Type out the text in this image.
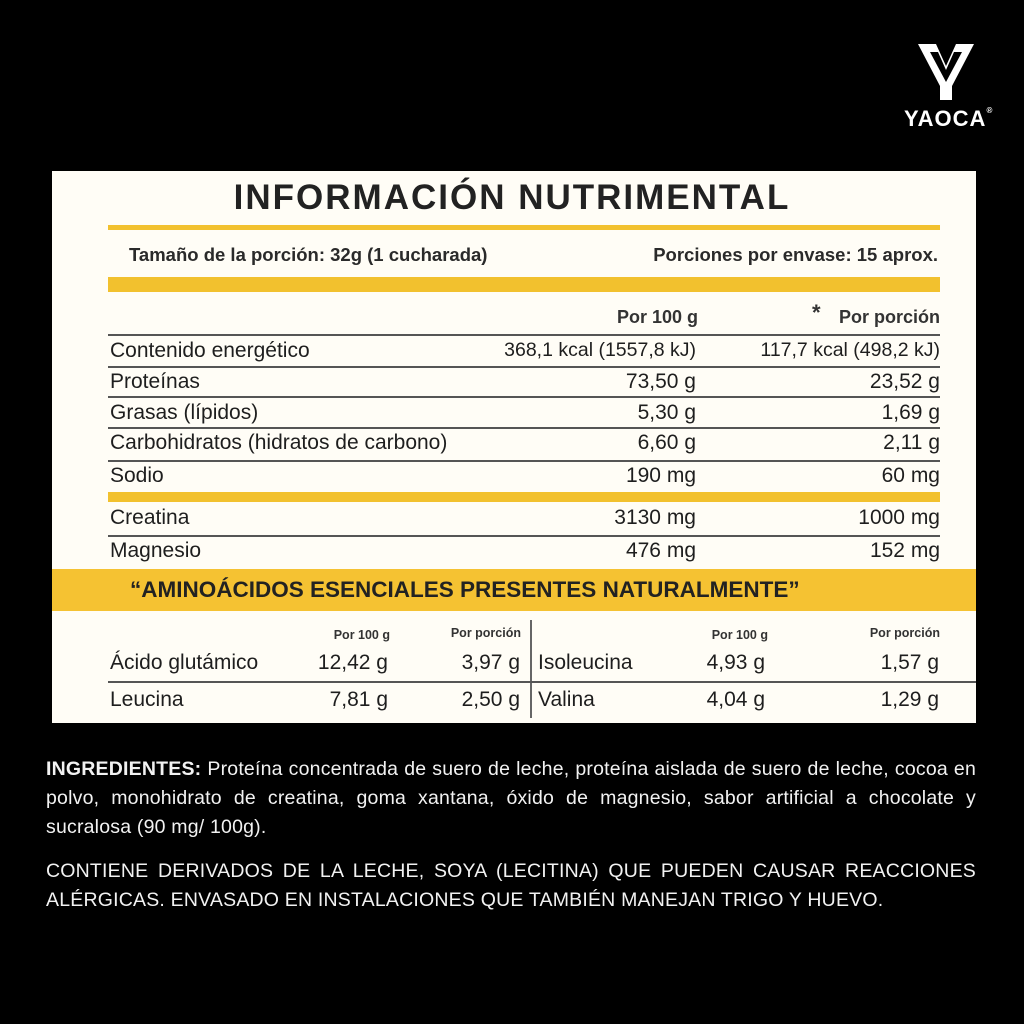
YAOCA®
INFORMACIÓN NUTRIMENTAL
Tamaño de la porción: 32g (1 cucharada)	Porciones por envase: 15 aprox.
Por 100 g	*	Por porción
Contenido energético	368,1 kcal (1557,8 kJ)	117,7 kcal (498,2 kJ)
Proteínas	73,50 g	23,52 g
Grasas (lípidos)	5,30 g	1,69 g
Carbohidratos (hidratos de carbono)	6,60 g	2,11 g
Sodio	190 mg	60 mg
Creatina	3130 mg	1000 mg
Magnesio	476 mg	152 mg
“AMINOÁCIDOS ESENCIALES PRESENTES NATURALMENTE”
Por 100 g	Por porción	Por 100 g	Por porción
Ácido glutámico	12,42 g	3,97 g Isoleucina	4,93 g	1,57 g
Leucina	7,81 g	2,50 g Valina	4,04 g	1,29 g
INGREDIENTES: Proteína concentrada de suero de leche, proteína aislada de suero de leche, cocoa en polvo, monohidrato de creatina, goma xantana, óxido de magnesio, sabor artificial a chocolate y sucralosa (90 mg/ 100g).
CONTIENE DERIVADOS DE LA LECHE, SOYA (LECITINA) QUE PUEDEN CAUSAR REACCIONES ALÉRGICAS. ENVASADO EN INSTALACIONES QUE TAMBIÉN MANEJAN TRIGO Y HUEVO.
